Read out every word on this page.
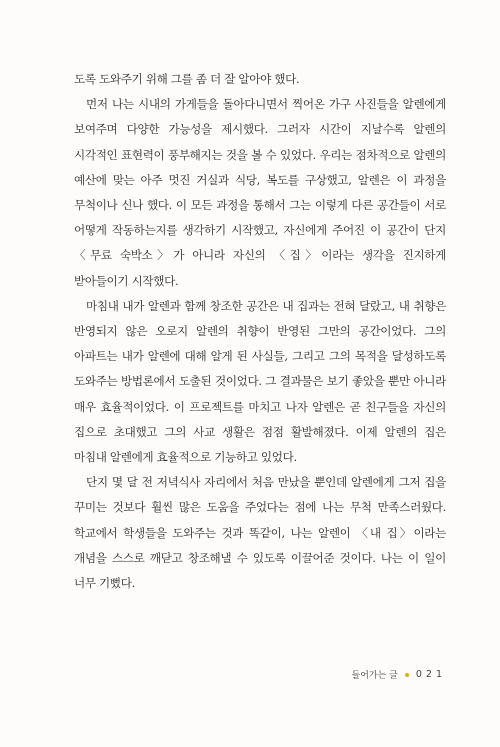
도록 도와주기 위해 그를 좀 더 잘 알아야 했다.

먼저 나는 시내의 가게들을 돌아다니면서 찍어온 가구 사진들을 알렌에게 보여주며 다양한 가능성을 제시했다. 그러자 시간이 지날수록 알렌의 시각적인 표현력이 풍부해지는 것을 볼 수 있었다. 우리는 점차적으로 알렌의 예산에 맞는 아주 멋진 거실과 식당, 복도를 구상했고, 알렌은 이 과정을 무척이나 신나 했다. 이 모든 과정을 통해서 그는 이렇게 다른 공간들이 서로 어떻게 작동하는지를 생각하기 시작했고, 자신에게 주어진 이 공간이 단지 〈무료 숙박소〉가 아니라 자신의 〈집〉이라는 생각을 진지하게 받아들이기 시작했다.

마침내 내가 알렌과 함께 창조한 공간은 내 집과는 전혀 달랐고, 내 취향은 반영되지 않은 오로지 알렌의 취향이 반영된 그만의 공간이었다. 그의 아파트는 내가 알렌에 대해 알게 된 사실들, 그리고 그의 목적을 달성하도록 도와주는 방법론에서 도출된 것이었다. 그 결과물은 보기 좋았을 뿐만 아니라 매우 효율적이었다. 이 프로젝트를 마치고 나자 알렌은 곧 친구들을 자신의 집으로 초대했고 그의 사교 생활은 점점 활발해졌다. 이제 알렌의 집은 마침내 알렌에게 효율적으로 기능하고 있었다.

단지 몇 달 전 저녁식사 자리에서 처음 만났을 뿐인데 알렌에게 그저 집을 꾸미는 것보다 훨씬 많은 도움을 주었다는 점에 나는 무척 만족스러웠다. 학교에서 학생들을 도와주는 것과 똑같이, 나는 알렌이 〈내 집〉이라는 개념을 스스로 깨닫고 창조해낼 수 있도록 이끌어준 것이다. 나는 이 일이 너무 기뻤다.

들어가는 글 021
